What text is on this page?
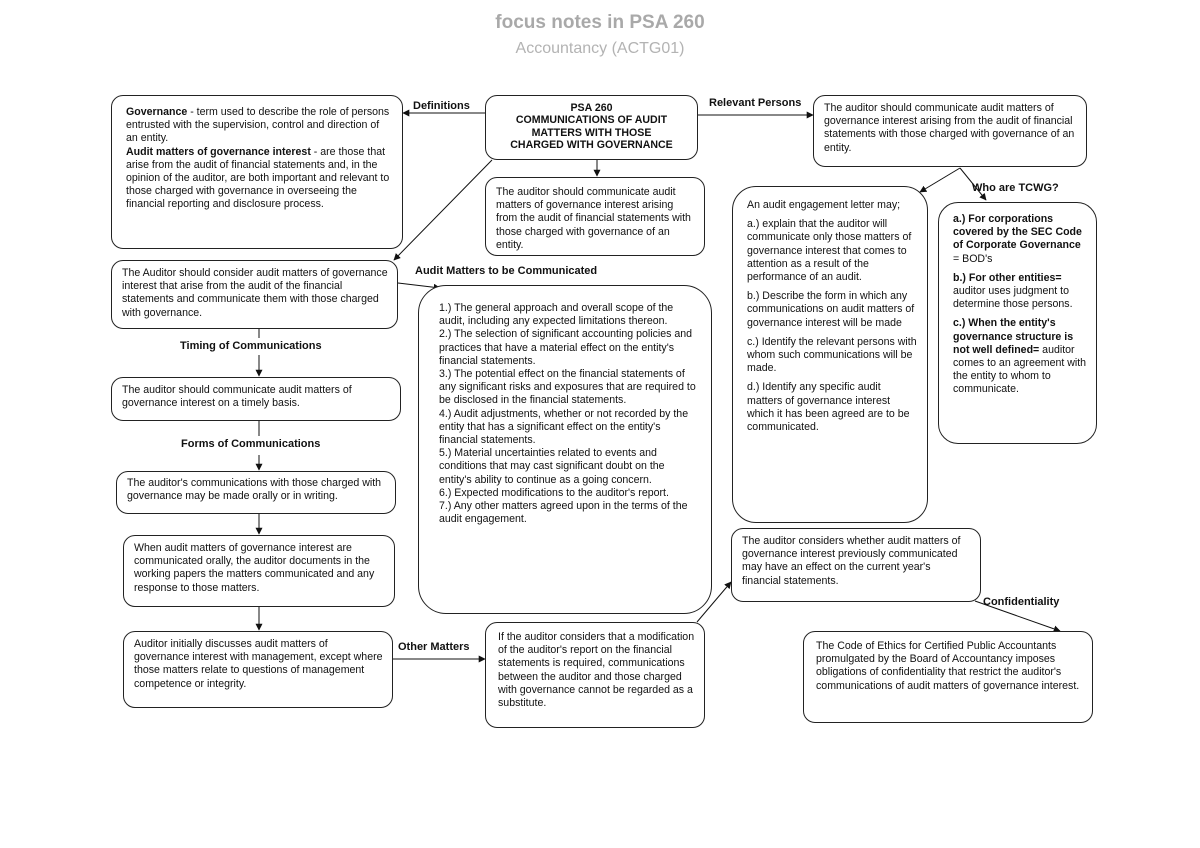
focus notes in PSA 260
Accountancy (ACTG01)
PSA 260
COMMUNICATIONS OF AUDIT
MATTERS WITH THOSE
CHARGED WITH GOVERNANCE

Governance - term used to describe the role of persons entrusted with the supervision, control and direction of an entity.

Audit matters of governance interest - are those that arise from the audit of financial statements and, in the opinion of the auditor, are both important and relevant to those charged with governance in overseeing the financial reporting and disclosure process.

Definitions	Relevant Persons The auditor should communicate audit matters of governance interest arising from the audit of financial statements with those charged with governance of an entity.

The auditor should communicate audit matters of governance interest arising from the audit of financial statements with those charged with governance of an entity.

The Auditor should consider audit matters of governance interest that arise from the audit of the financial statements and communicate them with those charged with governance.

Audit Matters to be Communicated
1.) The general approach and overall scope of the audit, including any expected limitations thereon.
2.) The selection of significant accounting policies and practices that have a material effect on the entity's financial statements.
3.) The potential effect on the financial statements of any significant risks and exposures that are required to be disclosed in the financial statements.
4.) Audit adjustments, whether or not recorded by the entity that has a significant effect on the entity's financial statements.
5.) Material uncertainties related to events and conditions that may cast significant doubt on the entity's ability to continue as a going concern.
6.) Expected modifications to the auditor's report.
7.) Any other matters agreed upon in the terms of the audit engagement.
Timing of Communications

The auditor should communicate audit matters of governance interest on a timely basis.

Forms of Communications

The auditor's communications with those charged with governance may be made orally or in writing.

When audit matters of governance interest are communicated orally, the auditor documents in the working papers the matters communicated and any response to those matters.

Auditor initially discusses audit matters of governance interest with management, except where those matters relate to questions of management competence or integrity.

Other Matters

If the auditor considers that a modification of the auditor's report on the financial statements is required, communications between the auditor and those charged with governance cannot be regarded as a substitute.

An audit engagement letter may;

a.) explain that the auditor will communicate only those matters of governance interest that comes to attention as a result of the performance of an audit.

b.) Describe the form in which any communications on audit matters of governance interest will be made

c.) Identify the relevant persons with whom such communications will be made.

d.) Identify any specific audit matters of governance interest which it has been agreed are to be communicated.

Who are TCWG?

a.) For corporations covered by the SEC Code of Corporate Governance = BOD's

b.) For other entities= auditor uses judgment to determine those persons.

c.) When the entity's governance structure is not well defined= auditor comes to an agreement with the entity to whom to communicate.

The auditor considers whether audit matters of governance interest previously communicated may have an effect on the current year's financial statements.

Confidentiality

The Code of Ethics for Certified Public Accountants promulgated by the Board of Accountancy imposes obligations of confidentiality that restrict the auditor's communications of audit matters of governance interest.
